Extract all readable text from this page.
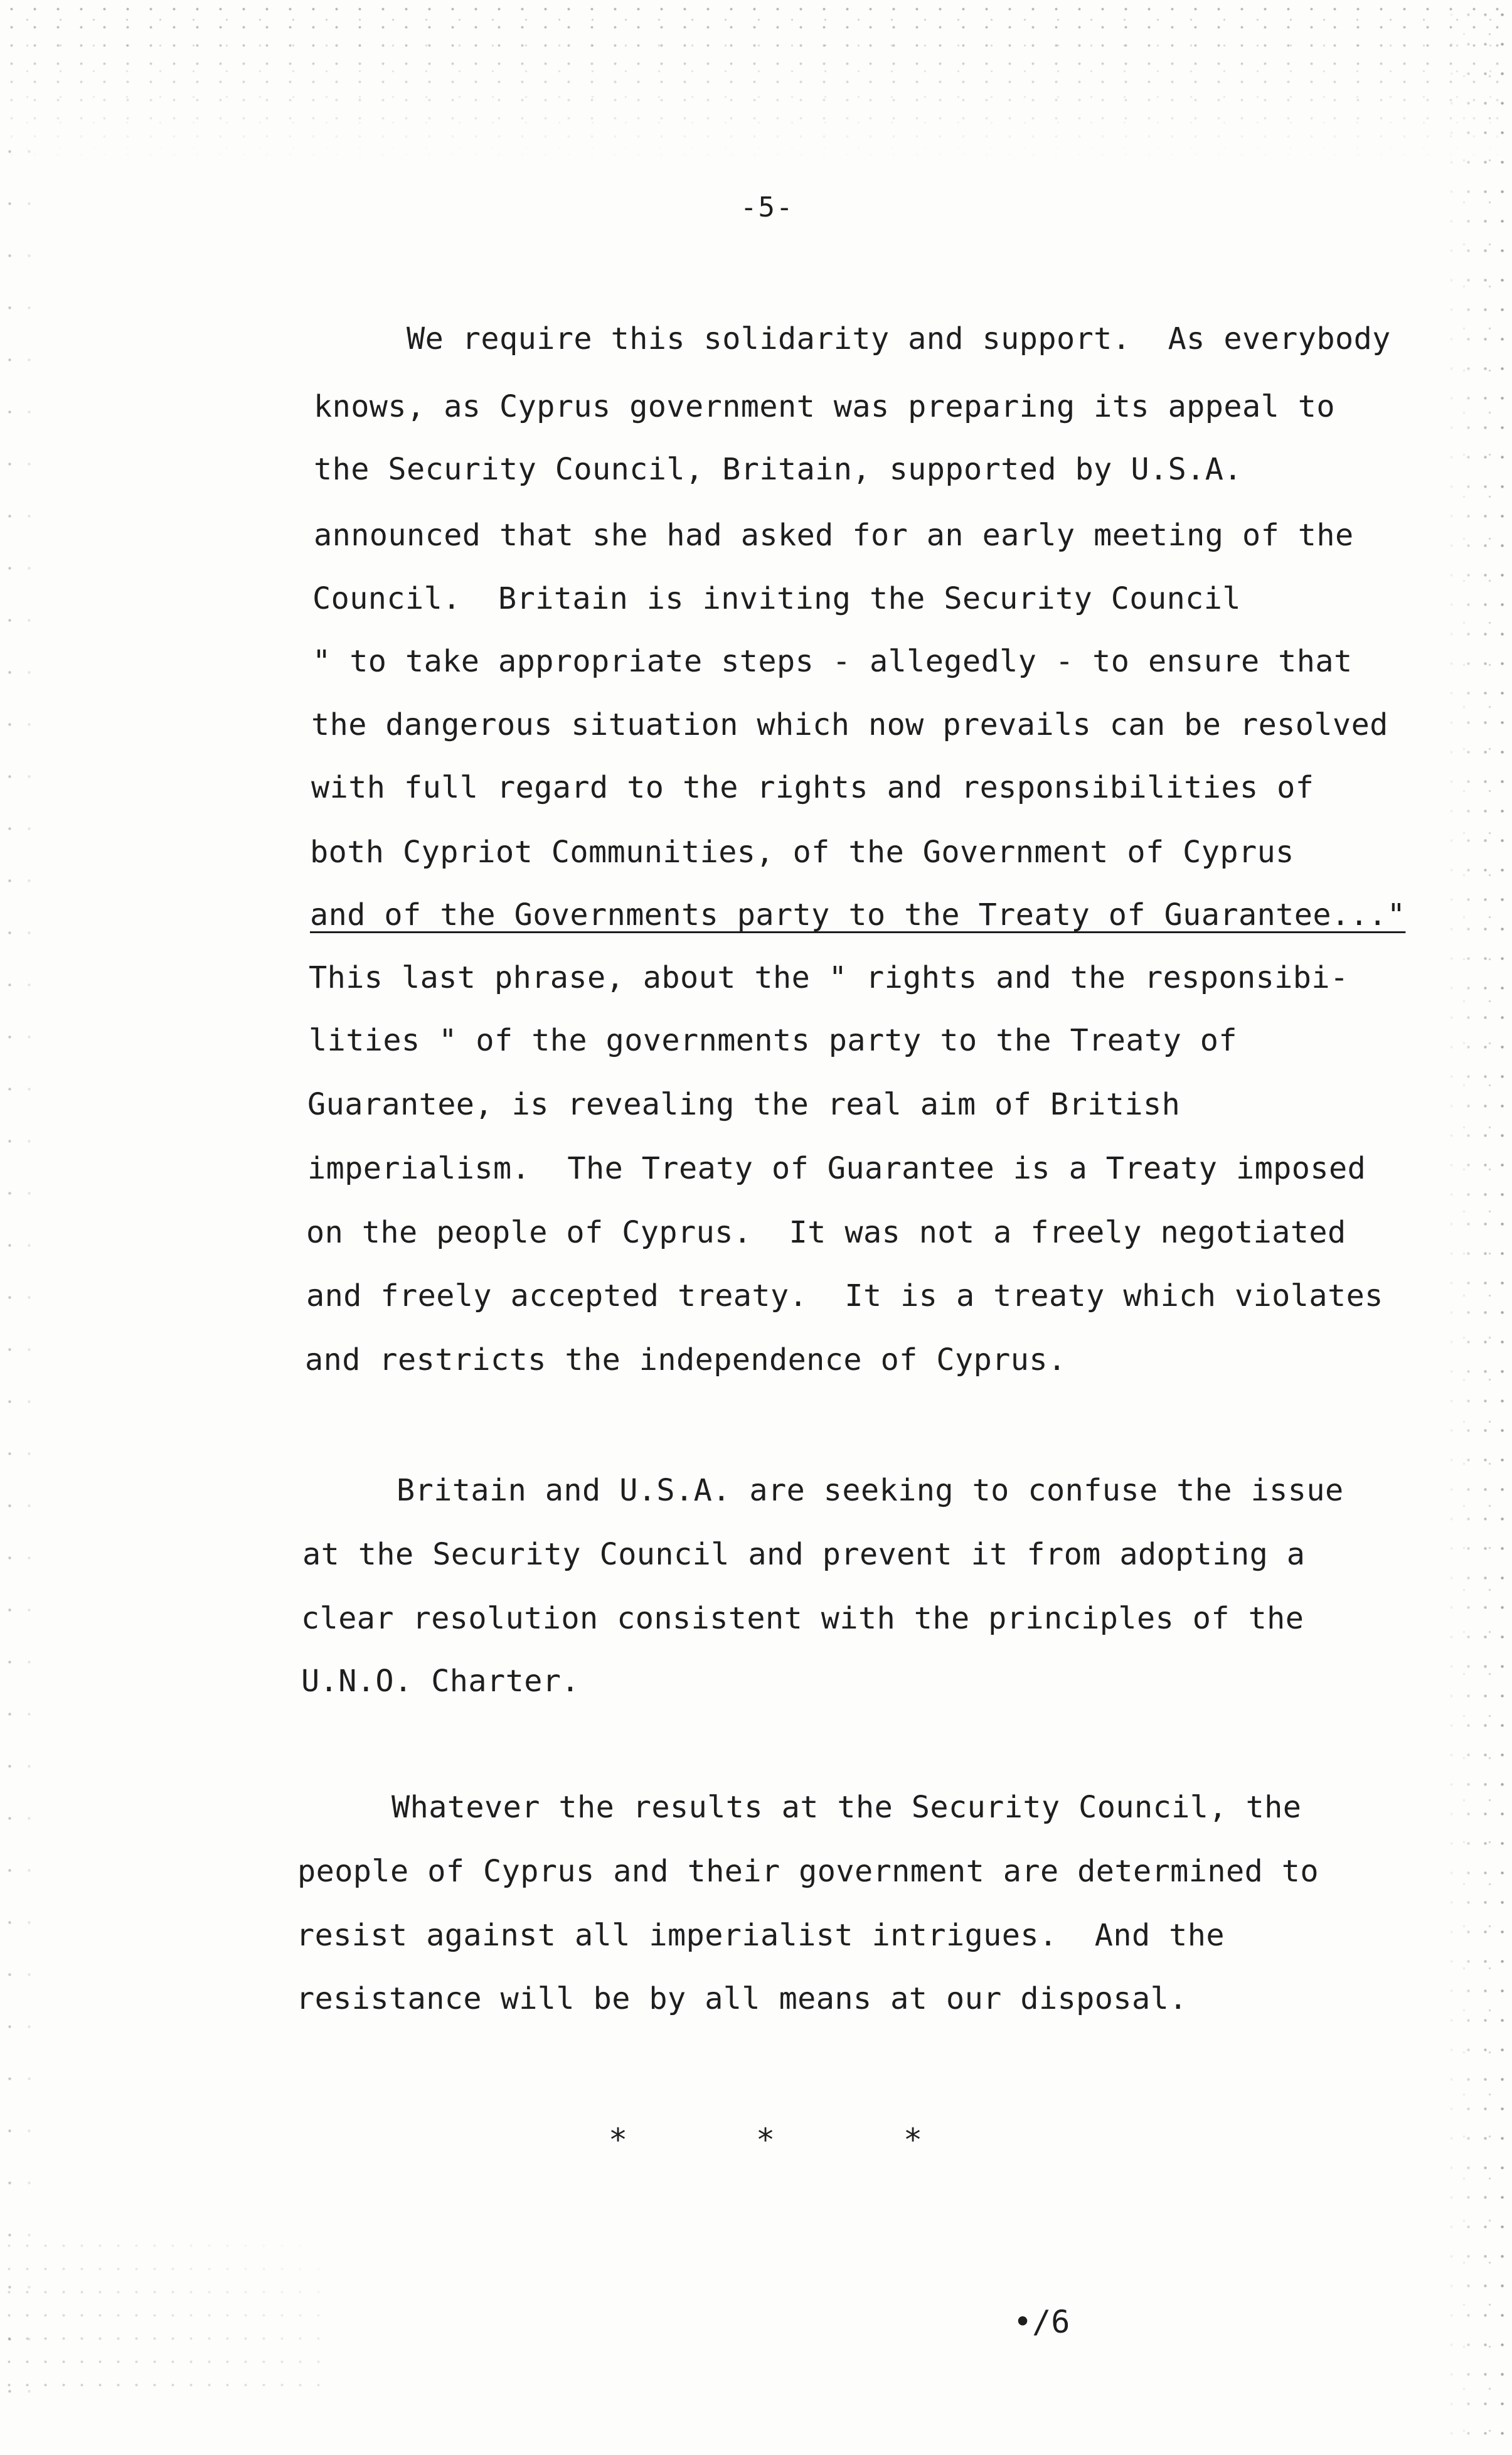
-5-
We require this solidarity and support.  As everybody
knows, as Cyprus government was preparing its appeal to
the Security Council, Britain, supported by U.S.A.
announced that she had asked for an early meeting of the
Council.  Britain is inviting the Security Council
" to take appropriate steps - allegedly - to ensure that
the dangerous situation which now prevails can be resolved
with full regard to the rights and responsibilities of
both Cypriot Communities, of the Government of Cyprus
and of the Governments party to the Treaty of Guarantee..."
This last phrase, about the " rights and the responsibi-
lities " of the governments party to the Treaty of
Guarantee, is revealing the real aim of British
imperialism.  The Treaty of Guarantee is a Treaty imposed
on the people of Cyprus.  It was not a freely negotiated
and freely accepted treaty.  It is a treaty which violates
and restricts the independence of Cyprus.
Britain and U.S.A. are seeking to confuse the issue
at the Security Council and prevent it from adopting a
clear resolution consistent with the principles of the
U.N.O. Charter.
Whatever the results at the Security Council, the
people of Cyprus and their government are determined to
resist against all imperialist intrigues.  And the
resistance will be by all means at our disposal.
*	*	*
•/6
